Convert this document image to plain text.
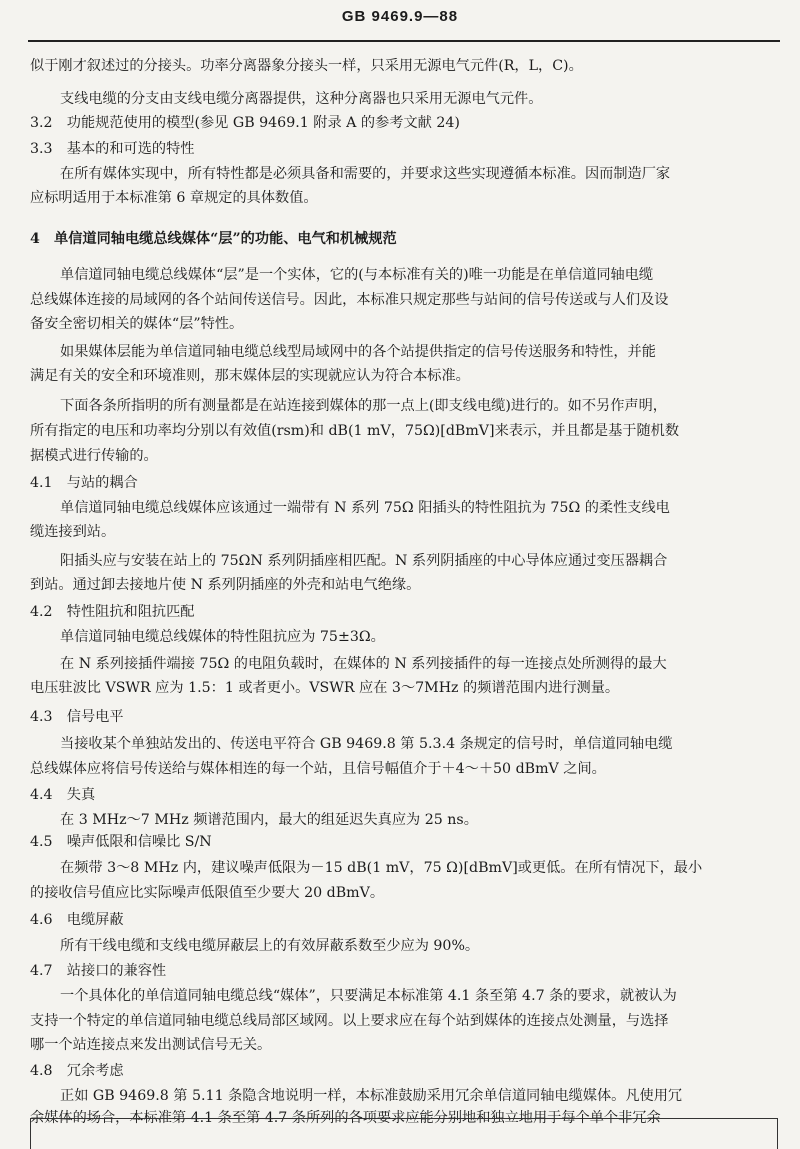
GB 9469.9—88
似于刚才叙述过的分接头。功率分离器象分接头一样，只采用无源电气元件(R，L，C)。
支线电缆的分支由支线电缆分离器提供，这种分离器也只采用无源电气元件。
3.2　功能规范使用的模型(参见 GB 9469.1 附录 A 的参考文献 24)
3.3　基本的和可选的特性
在所有媒体实现中，所有特性都是必须具备和需要的，并要求这些实现遵循本标准。因而制造厂家
应标明适用于本标准第 6 章规定的具体数值。
4　单信道同轴电缆总线媒体“层”的功能、电气和机械规范
单信道同轴电缆总线媒体“层”是一个实体，它的(与本标准有关的)唯一功能是在单信道同轴电缆
总线媒体连接的局域网的各个站间传送信号。因此，本标准只规定那些与站间的信号传送或与人们及设
备安全密切相关的媒体“层”特性。
如果媒体层能为单信道同轴电缆总线型局域网中的各个站提供指定的信号传送服务和特性，并能
满足有关的安全和环境准则，那末媒体层的实现就应认为符合本标准。
下面各条所指明的所有测量都是在站连接到媒体的那一点上(即支线电缆)进行的。如不另作声明，
所有指定的电压和功率均分别以有效值(rsm)和 dB(1 mV，75Ω)[dBmV]来表示，并且都是基于随机数
据模式进行传输的。
4.1　与站的耦合
单信道同轴电缆总线媒体应该通过一端带有 N 系列 75Ω 阳插头的特性阻抗为 75Ω 的柔性支线电
缆连接到站。
阳插头应与安装在站上的 75ΩN 系列阴插座相匹配。N 系列阴插座的中心导体应通过变压器耦合
到站。通过卸去接地片使 N 系列阴插座的外壳和站电气绝缘。
4.2　特性阻抗和阻抗匹配
单信道同轴电缆总线媒体的特性阻抗应为 75±3Ω。
在 N 系列接插件端接 75Ω 的电阻负载时，在媒体的 N 系列接插件的每一连接点处所测得的最大
电压驻波比 VSWR 应为 1.5：1 或者更小。VSWR 应在 3～7MHz 的频谱范围内进行测量。
4.3　信号电平
当接收某个单独站发出的、传送电平符合 GB 9469.8 第 5.3.4 条规定的信号时，单信道同轴电缆
总线媒体应将信号传送给与媒体相连的每一个站，且信号幅值介于＋4～＋50 dBmV 之间。
4.4　失真
在 3 MHz～7 MHz 频谱范围内，最大的组延迟失真应为 25 ns。
4.5　噪声低限和信噪比 S/N
在频带 3～8 MHz 内，建议噪声低限为－15 dB(1 mV，75 Ω)[dBmV]或更低。在所有情况下，最小
的接收信号值应比实际噪声低限值至少要大 20 dBmV。
4.6　电缆屏蔽
所有干线电缆和支线电缆屏蔽层上的有效屏蔽系数至少应为 90%。
4.7　站接口的兼容性
一个具体化的单信道同轴电缆总线“媒体”，只要满足本标准第 4.1 条至第 4.7 条的要求，就被认为
支持一个特定的单信道同轴电缆总线局部区域网。以上要求应在每个站到媒体的连接点处测量，与选择
哪一个站连接点来发出测试信号无关。
4.8　冗余考虑
正如 GB 9469.8 第 5.11 条隐含地说明一样，本标准鼓励采用冗余单信道同轴电缆媒体。凡使用冗
余媒体的场合，本标准第 4.1 条至第 4.7 条所列的各项要求应能分别地和独立地用于每个单个非冗余
